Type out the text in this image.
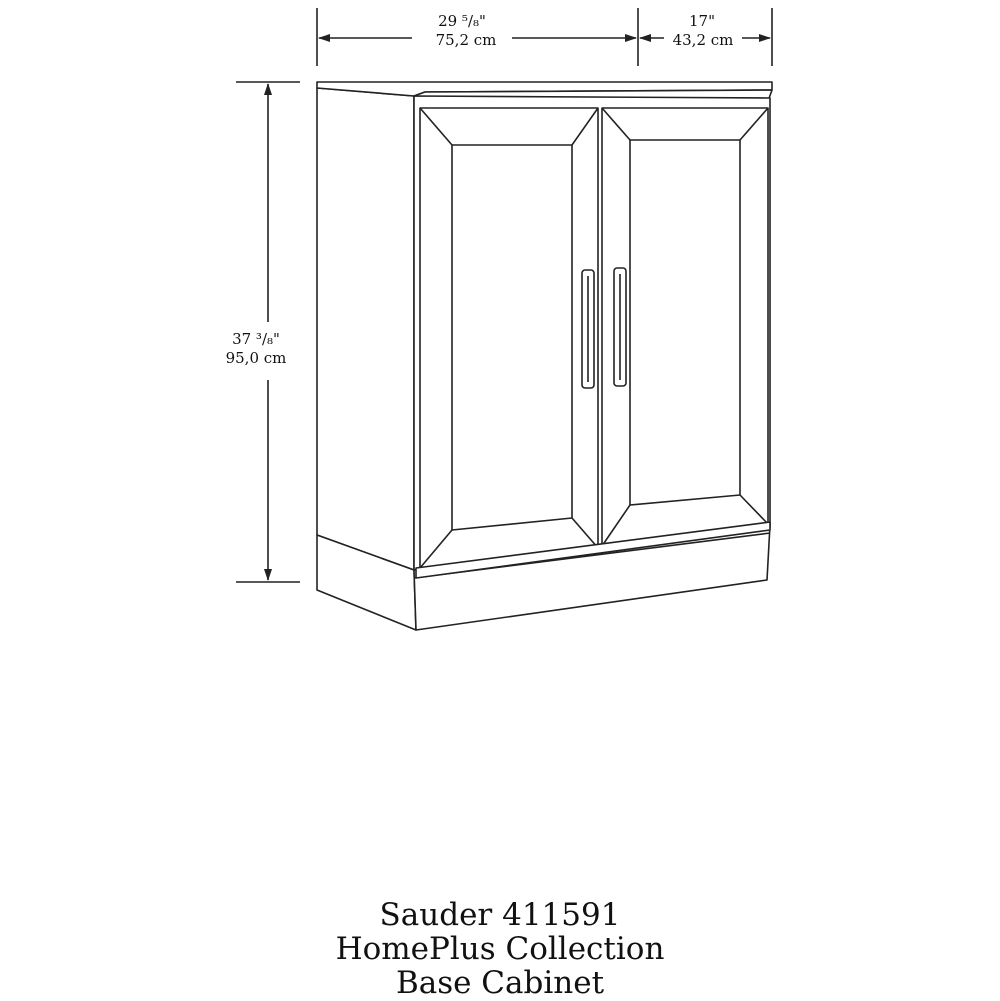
29 ⁵/₈"
75,2 cm
17"
43,2 cm
37 ³/₈"
95,0 cm
Sauder 411591
HomePlus Collection
Base Cabinet
